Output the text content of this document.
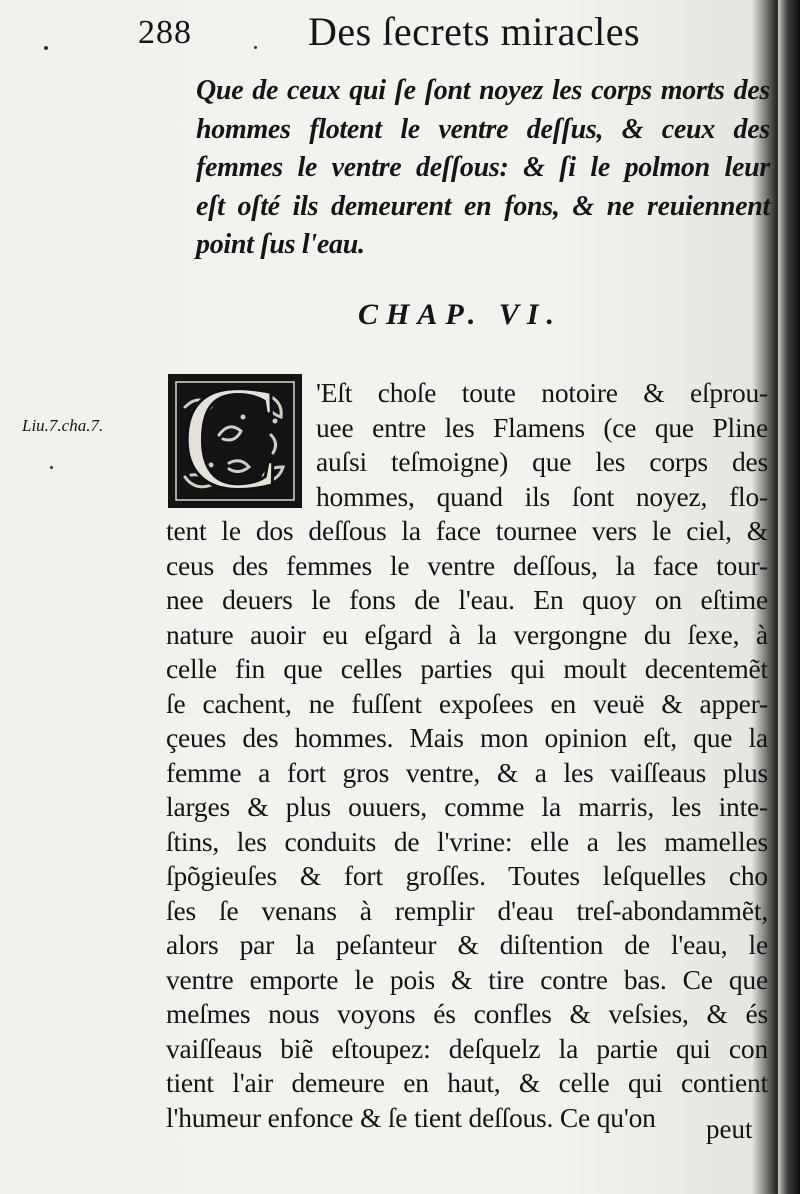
288	Des ſecrets miracles
Que de ceux qui ſe ſont noyez les corps morts des
hommes flotent le ventre deſſus, & ceux des
femmes le ventre deſſous: & ſi le polmon leur
eſt oſté ils demeurent en fons, & ne reuiennent
point ſus l'eau.
CHAP. VI.
Liu.7.cha.7. C	'Eſt choſe toute notoire & eſprou-
uee entre les Flamens (ce que Pline
auſsi teſmoigne) que les corps des
hommes, quand ils ſont noyez, flo-
tent le dos deſſous la face tournee vers le ciel, &
ceus des femmes le ventre deſſous, la face tour-
nee deuers le fons de l'eau. En quoy on eſtime
nature auoir eu eſgard à la vergongne du ſexe, à
celle fin que celles parties qui moult decentemẽt
ſe cachent, ne fuſſent expoſees en veuë & apper-
çeues des hommes. Mais mon opinion eſt, que la
femme a fort gros ventre, & a les vaiſſeaus plus
larges & plus ouuers, comme la marris, les inte-
ſtins, les conduits de l'vrine: elle a les mamelles
ſpõgieuſes & fort groſſes. Toutes leſquelles cho
ſes ſe venans à remplir d'eau treſ-abondammẽt,
alors par la peſanteur & diſtention de l'eau, le
ventre emporte le pois & tire contre bas. Ce que
meſmes nous voyons és confles & veſsies, & és
vaiſſeaus biẽ eſtoupez: deſquelz la partie qui con
tient l'air demeure en haut, & celle qui contient
l'humeur enfonce & ſe tient deſſous. Ce qu'on	peut
